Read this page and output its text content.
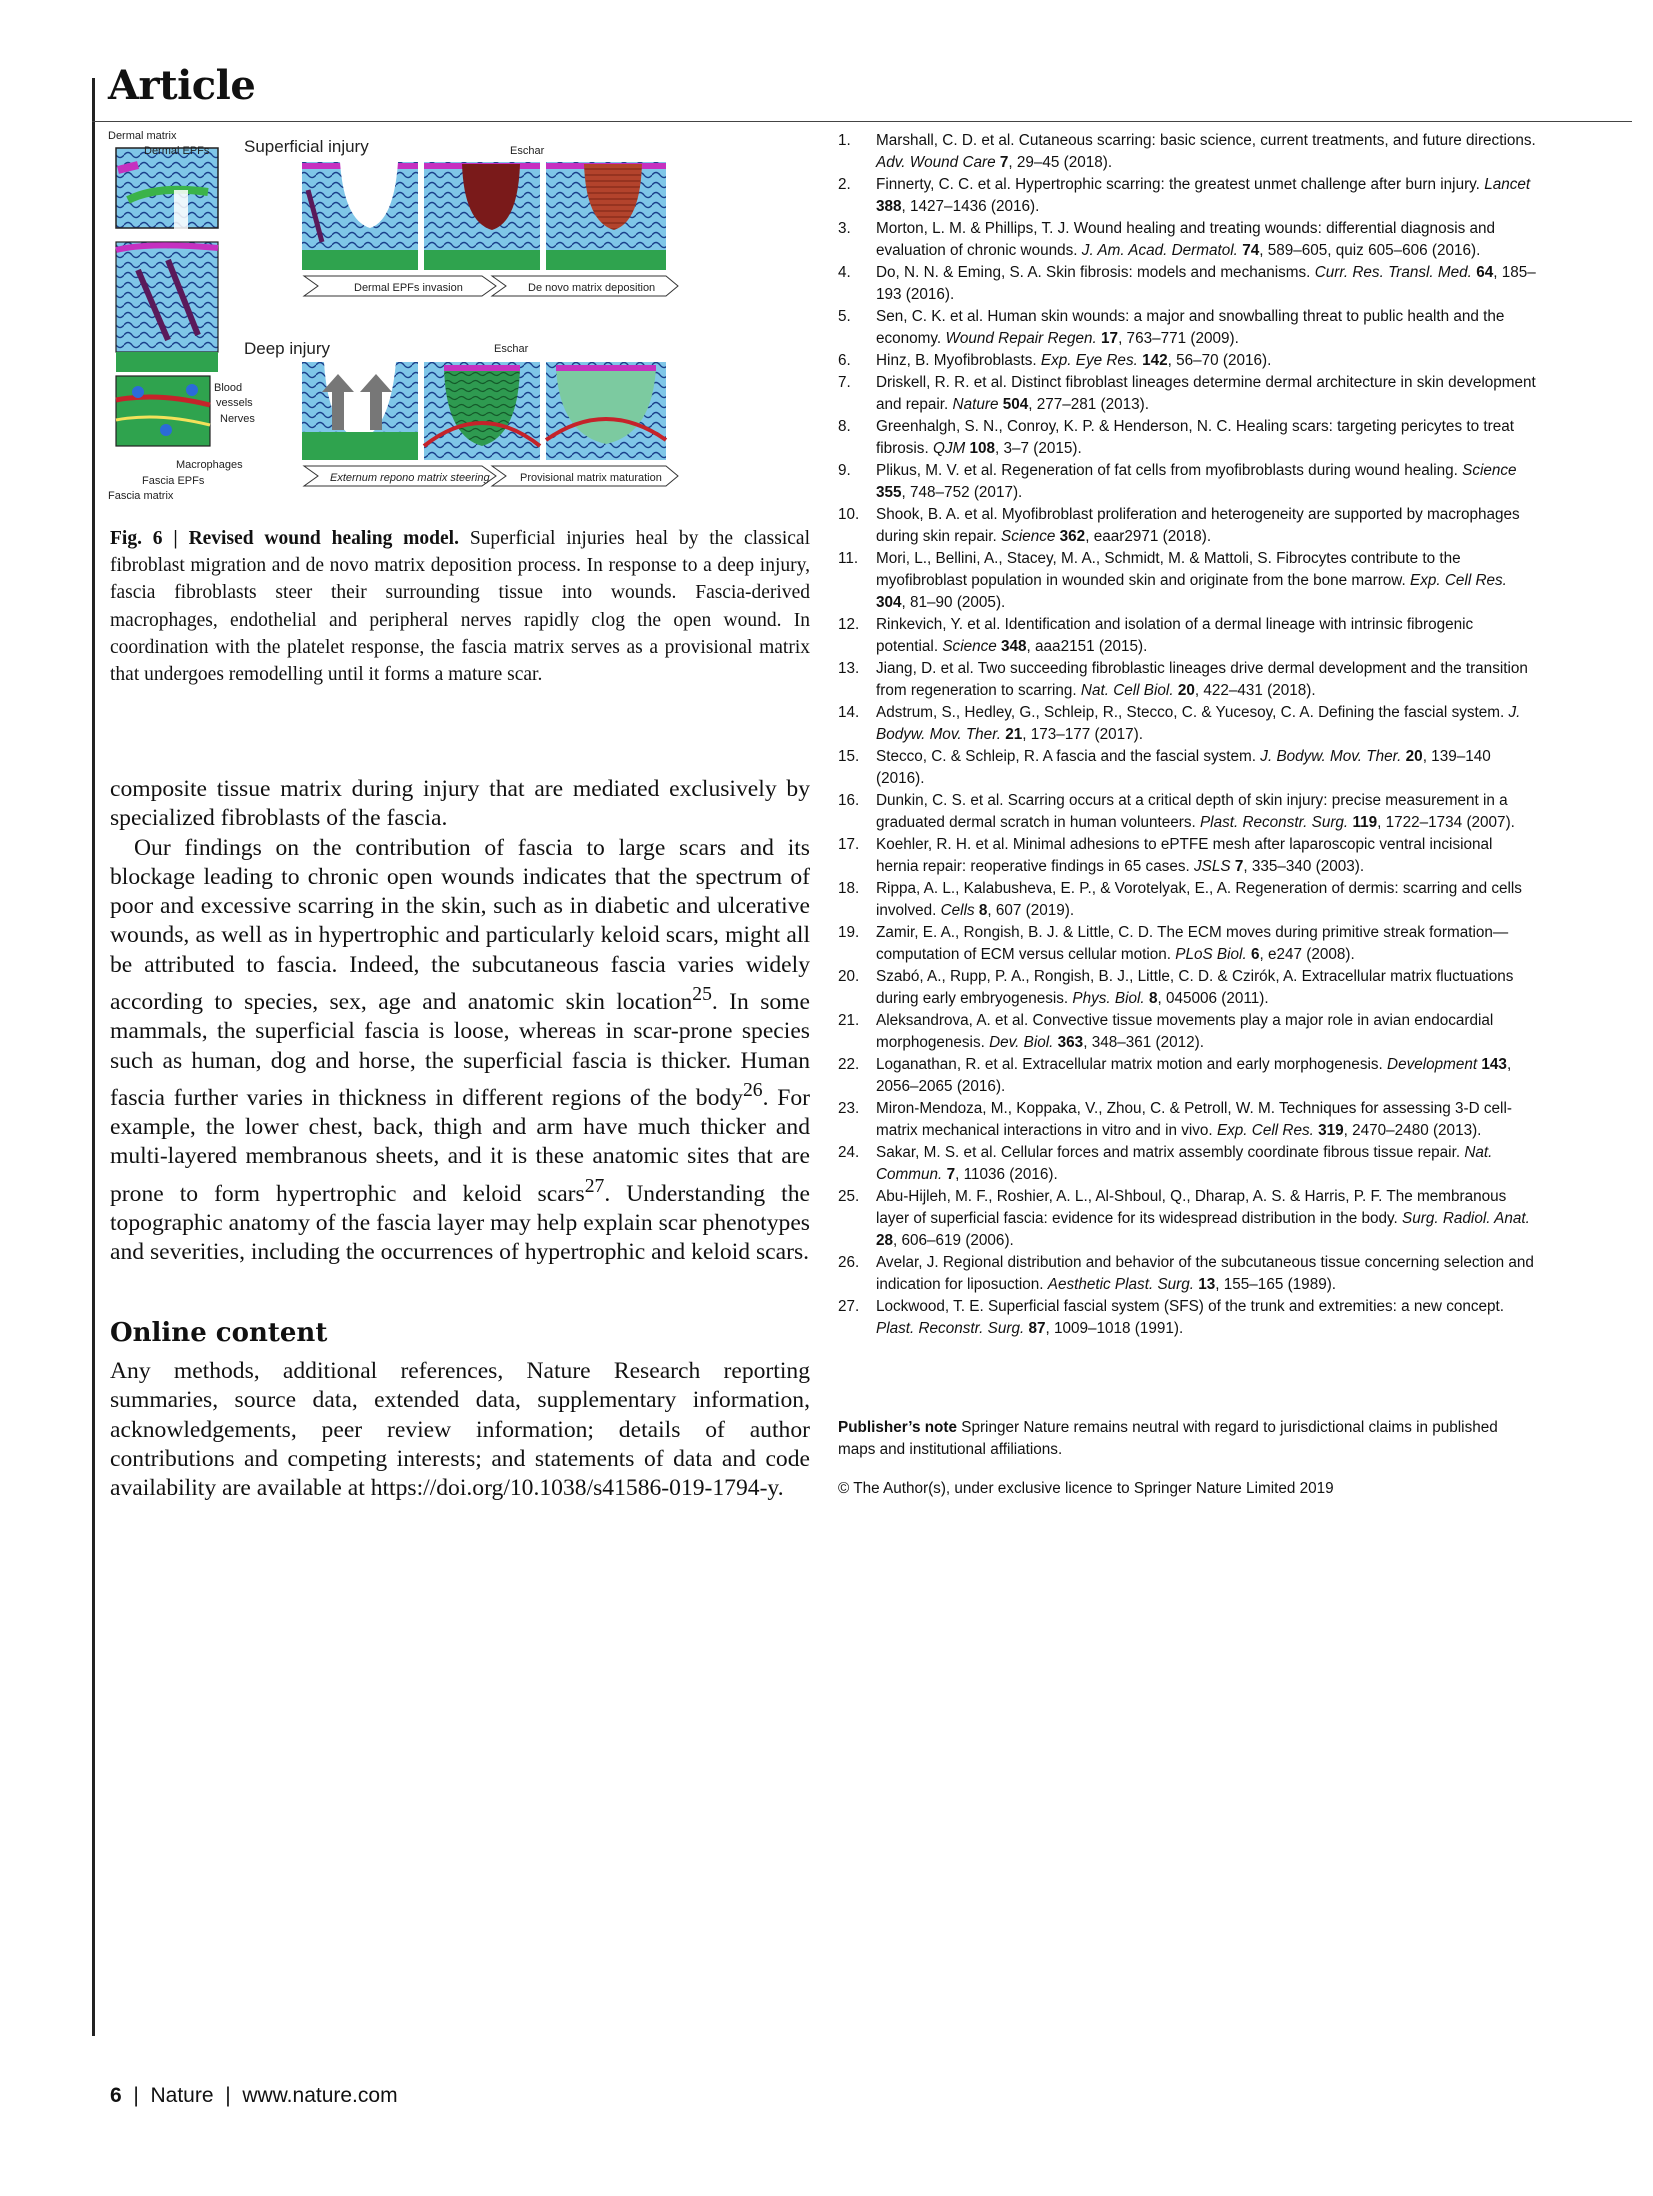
Article
Dermal matrix
Dermal EPFs Superficial injury	Eschar
Deep injury	Eschar
Blood
vessels
Nerves
Macrophages
Fascia EPFs
Fascia matrix
Dermal EPFs invasion	De novo matrix deposition
Externum repono matrix steering	Provisional matrix maturation
Fig. 6 | Revised wound healing model. Superficial injuries heal by the classical fibroblast migration and de novo matrix deposition process. In response to a deep injury, fascia fibroblasts steer their surrounding tissue into wounds. Fascia-derived macrophages, endothelial and peripheral nerves rapidly clog the open wound. In coordination with the platelet response, the fascia matrix serves as a provisional matrix that undergoes remodelling until it forms a mature scar.

composite tissue matrix during injury that are mediated exclusively by specialized fibroblasts of the fascia.

Our findings on the contribution of fascia to large scars and its blockage leading to chronic open wounds indicates that the spectrum of poor and excessive scarring in the skin, such as in diabetic and ulcerative wounds, as well as in hypertrophic and particularly keloid scars, might all be attributed to fascia. Indeed, the subcutaneous fascia varies widely according to species, sex, age and anatomic skin location$^{25}$. In some mammals, the superficial fascia is loose, whereas in scar-prone species such as human, dog and horse, the superficial fascia is thicker. Human fascia further varies in thickness in different regions of the body$^{26}$. For example, the lower chest, back, thigh and arm have much thicker and multi-layered membranous sheets, and it is these anatomic sites that are prone to form hypertrophic and keloid scars$^{27}$. Understanding the topographic anatomy of the fascia layer may help explain scar phenotypes and severities, including the occurrences of hypertrophic and keloid scars.

Online content
Any methods, additional references, Nature Research reporting summaries, source data, extended data, supplementary information, acknowledgements, peer review information; details of author contributions and competing interests; and statements of data and code availability are available at https://doi.org/10.1038/s41586-019-1794-y.
1. Marshall, C. D. et al. Cutaneous scarring: basic science, current treatments, and future directions. Adv. Wound Care 7, 29–45 (2018).
2. Finnerty, C. C. et al. Hypertrophic scarring: the greatest unmet challenge after burn injury. Lancet 388, 1427–1436 (2016).
3. Morton, L. M. & Phillips, T. J. Wound healing and treating wounds: differential diagnosis and evaluation of chronic wounds. J. Am. Acad. Dermatol. 74, 589–605, quiz 605–606 (2016).
4. Do, N. N. & Eming, S. A. Skin fibrosis: models and mechanisms. Curr. Res. Transl. Med. 64, 185–193 (2016).
5. Sen, C. K. et al. Human skin wounds: a major and snowballing threat to public health and the economy. Wound Repair Regen. 17, 763–771 (2009).
6. Hinz, B. Myofibroblasts. Exp. Eye Res. 142, 56–70 (2016).
7. Driskell, R. R. et al. Distinct fibroblast lineages determine dermal architecture in skin development and repair. Nature 504, 277–281 (2013).
8. Greenhalgh, S. N., Conroy, K. P. & Henderson, N. C. Healing scars: targeting pericytes to treat fibrosis. QJM 108, 3–7 (2015).
9. Plikus, M. V. et al. Regeneration of fat cells from myofibroblasts during wound healing. Science 355, 748–752 (2017).
10. Shook, B. A. et al. Myofibroblast proliferation and heterogeneity are supported by macrophages during skin repair. Science 362, eaar2971 (2018).
11. Mori, L., Bellini, A., Stacey, M. A., Schmidt, M. & Mattoli, S. Fibrocytes contribute to the myofibroblast population in wounded skin and originate from the bone marrow. Exp. Cell Res. 304, 81–90 (2005).
12. Rinkevich, Y. et al. Identification and isolation of a dermal lineage with intrinsic fibrogenic potential. Science 348, aaa2151 (2015).
13. Jiang, D. et al. Two succeeding fibroblastic lineages drive dermal development and the transition from regeneration to scarring. Nat. Cell Biol. 20, 422–431 (2018).
14. Adstrum, S., Hedley, G., Schleip, R., Stecco, C. & Yucesoy, C. A. Defining the fascial system. J. Bodyw. Mov. Ther. 21, 173–177 (2017).
15. Stecco, C. & Schleip, R. A fascia and the fascial system. J. Bodyw. Mov. Ther. 20, 139–140 (2016).
16. Dunkin, C. S. et al. Scarring occurs at a critical depth of skin injury: precise measurement in a graduated dermal scratch in human volunteers. Plast. Reconstr. Surg. 119, 1722–1734 (2007).
17. Koehler, R. H. et al. Minimal adhesions to ePTFE mesh after laparoscopic ventral incisional hernia repair: reoperative findings in 65 cases. JSLS 7, 335–340 (2003).
18. Rippa, A. L., Kalabusheva, E. P., & Vorotelyak, E., A. Regeneration of dermis: scarring and cells involved. Cells 8, 607 (2019).
19. Zamir, E. A., Rongish, B. J. & Little, C. D. The ECM moves during primitive streak formation—computation of ECM versus cellular motion. PLoS Biol. 6, e247 (2008).
20. Szabó, A., Rupp, P. A., Rongish, B. J., Little, C. D. & Czirók, A. Extracellular matrix fluctuations during early embryogenesis. Phys. Biol. 8, 045006 (2011).
21. Aleksandrova, A. et al. Convective tissue movements play a major role in avian endocardial morphogenesis. Dev. Biol. 363, 348–361 (2012).
22. Loganathan, R. et al. Extracellular matrix motion and early morphogenesis. Development 143, 2056–2065 (2016).
23. Miron-Mendoza, M., Koppaka, V., Zhou, C. & Petroll, W. M. Techniques for assessing 3-D cell-matrix mechanical interactions in vitro and in vivo. Exp. Cell Res. 319, 2470–2480 (2013).
24. Sakar, M. S. et al. Cellular forces and matrix assembly coordinate fibrous tissue repair. Nat. Commun. 7, 11036 (2016).
25. Abu-Hijleh, M. F., Roshier, A. L., Al-Shboul, Q., Dharap, A. S. & Harris, P. F. The membranous layer of superficial fascia: evidence for its widespread distribution in the body. Surg. Radiol. Anat. 28, 606–619 (2006).
26. Avelar, J. Regional distribution and behavior of the subcutaneous tissue concerning selection and indication for liposuction. Aesthetic Plast. Surg. 13, 155–165 (1989).
27. Lockwood, T. E. Superficial fascial system (SFS) of the trunk and extremities: a new concept. Plast. Reconstr. Surg. 87, 1009–1018 (1991).
Publisher’s note Springer Nature remains neutral with regard to jurisdictional claims in published maps and institutional affiliations.
© The Author(s), under exclusive licence to Springer Nature Limited 2019
6 | Nature | www.nature.com
